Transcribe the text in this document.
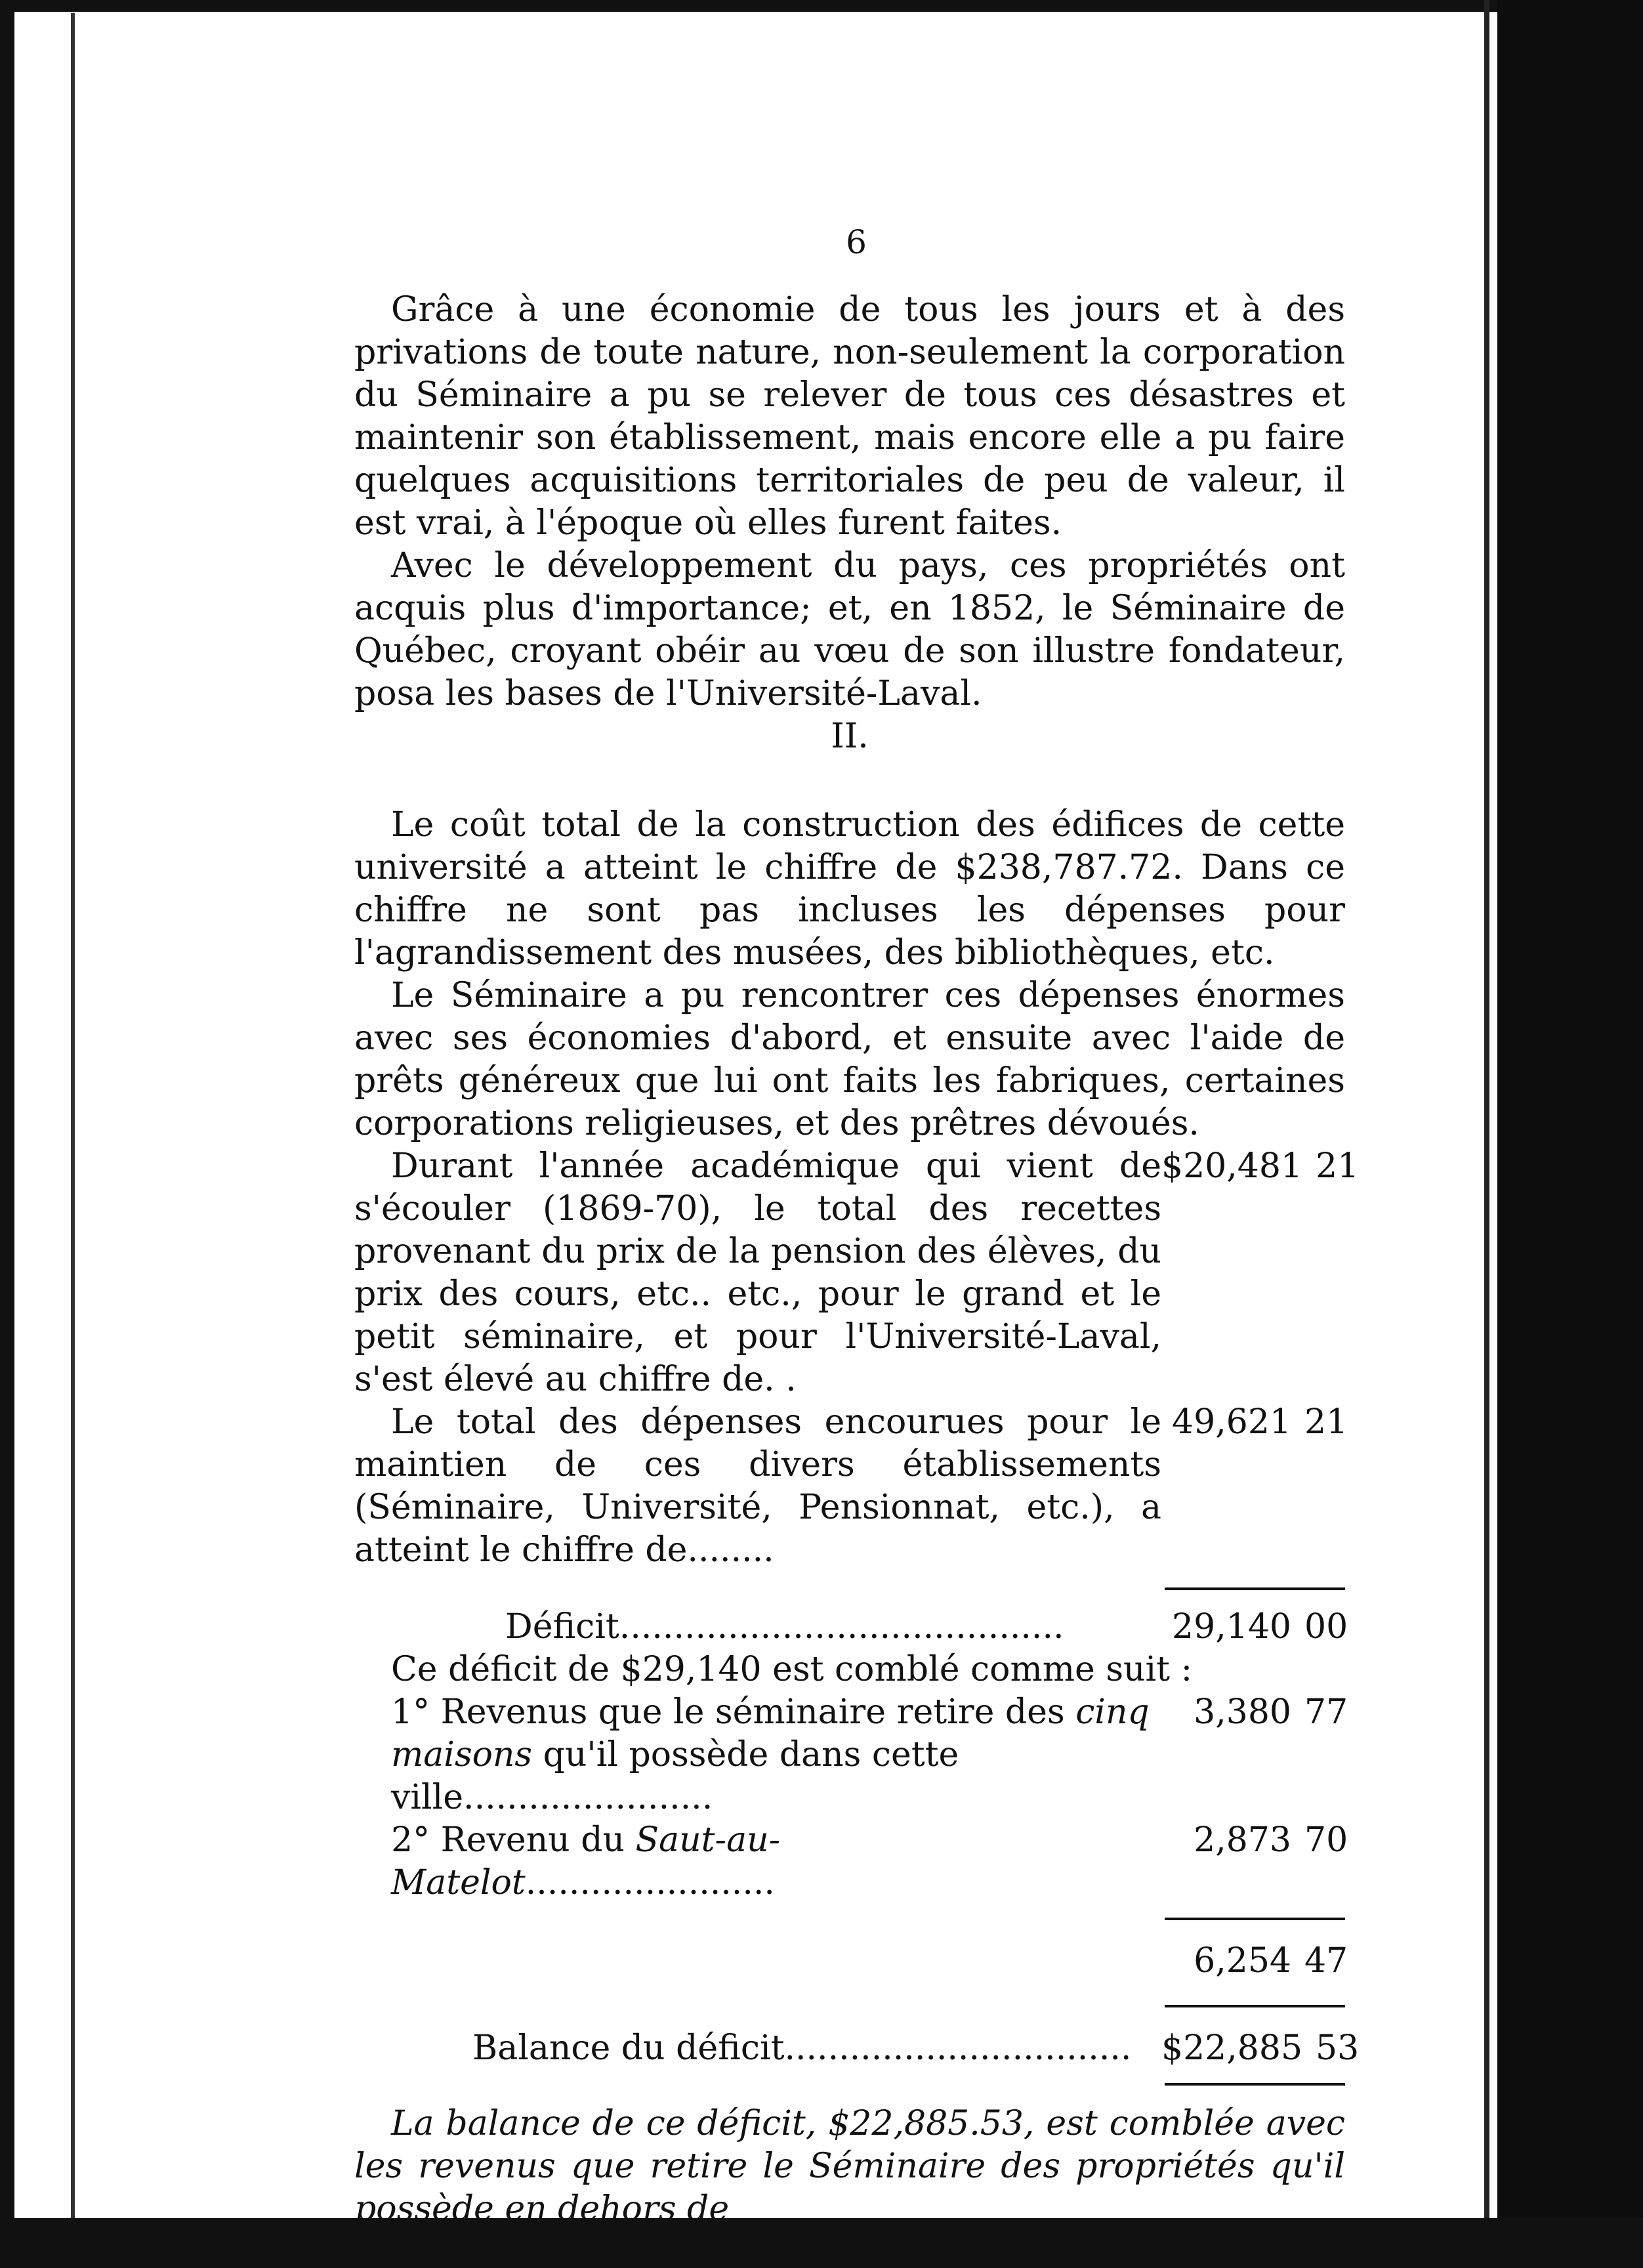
6

Grâce à une économie de tous les jours et à des privations de toute nature, non-seulement la corporation du Séminaire a pu se relever de tous ces désastres et maintenir son établissement, mais encore elle a pu faire quelques acquisitions territoriales de peu de valeur, il est vrai, à l'époque où elles furent faites.

Avec le développement du pays, ces propriétés ont acquis plus d'importance; et, en 1852, le Séminaire de Québec, croyant obéir au vœu de son illustre fondateur, posa les bases de l'Université-Laval.

II.

Le coût total de la construction des édifices de cette université a atteint le chiffre de $238,787.72. Dans ce chiffre ne sont pas incluses les dépenses pour l'agrandissement des musées, des bibliothèques, etc.

Le Séminaire a pu rencontrer ces dépenses énormes avec ses économies d'abord, et ensuite avec l'aide de prêts généreux que lui ont faits les fabriques, certaines corporations religieuses, et des prêtres dévoués.

Durant l'année académique qui vient de s'écouler (1869-70), le total des recettes provenant du prix de la pension des élèves, du prix des cours, etc.. etc., pour le grand et le petit séminaire, et pour l'Université-Laval, s'est élevé au chiffre de. .
$20,481 21
Le total des dépenses encourues pour le maintien de ces divers établissements (Séminaire, Université, Pensionnat, etc.), a atteint le chiffre de........
49,621 21
Déficit.........................................	29,140 00
Ce déficit de $29,140 est comblé comme suit :
1° Revenus que le séminaire retire des cinq maisons qu'il possède dans cette ville.......................
3,380 77
2° Revenu du Saut-au-Matelot.......................
2,873 70
6,254 47
Balance du déficit................................ $22,885 53

La balance de ce déficit, $22,885.53, est comblée avec les revenus que retire le Séminaire des propriétés qu'il possède en dehors de
